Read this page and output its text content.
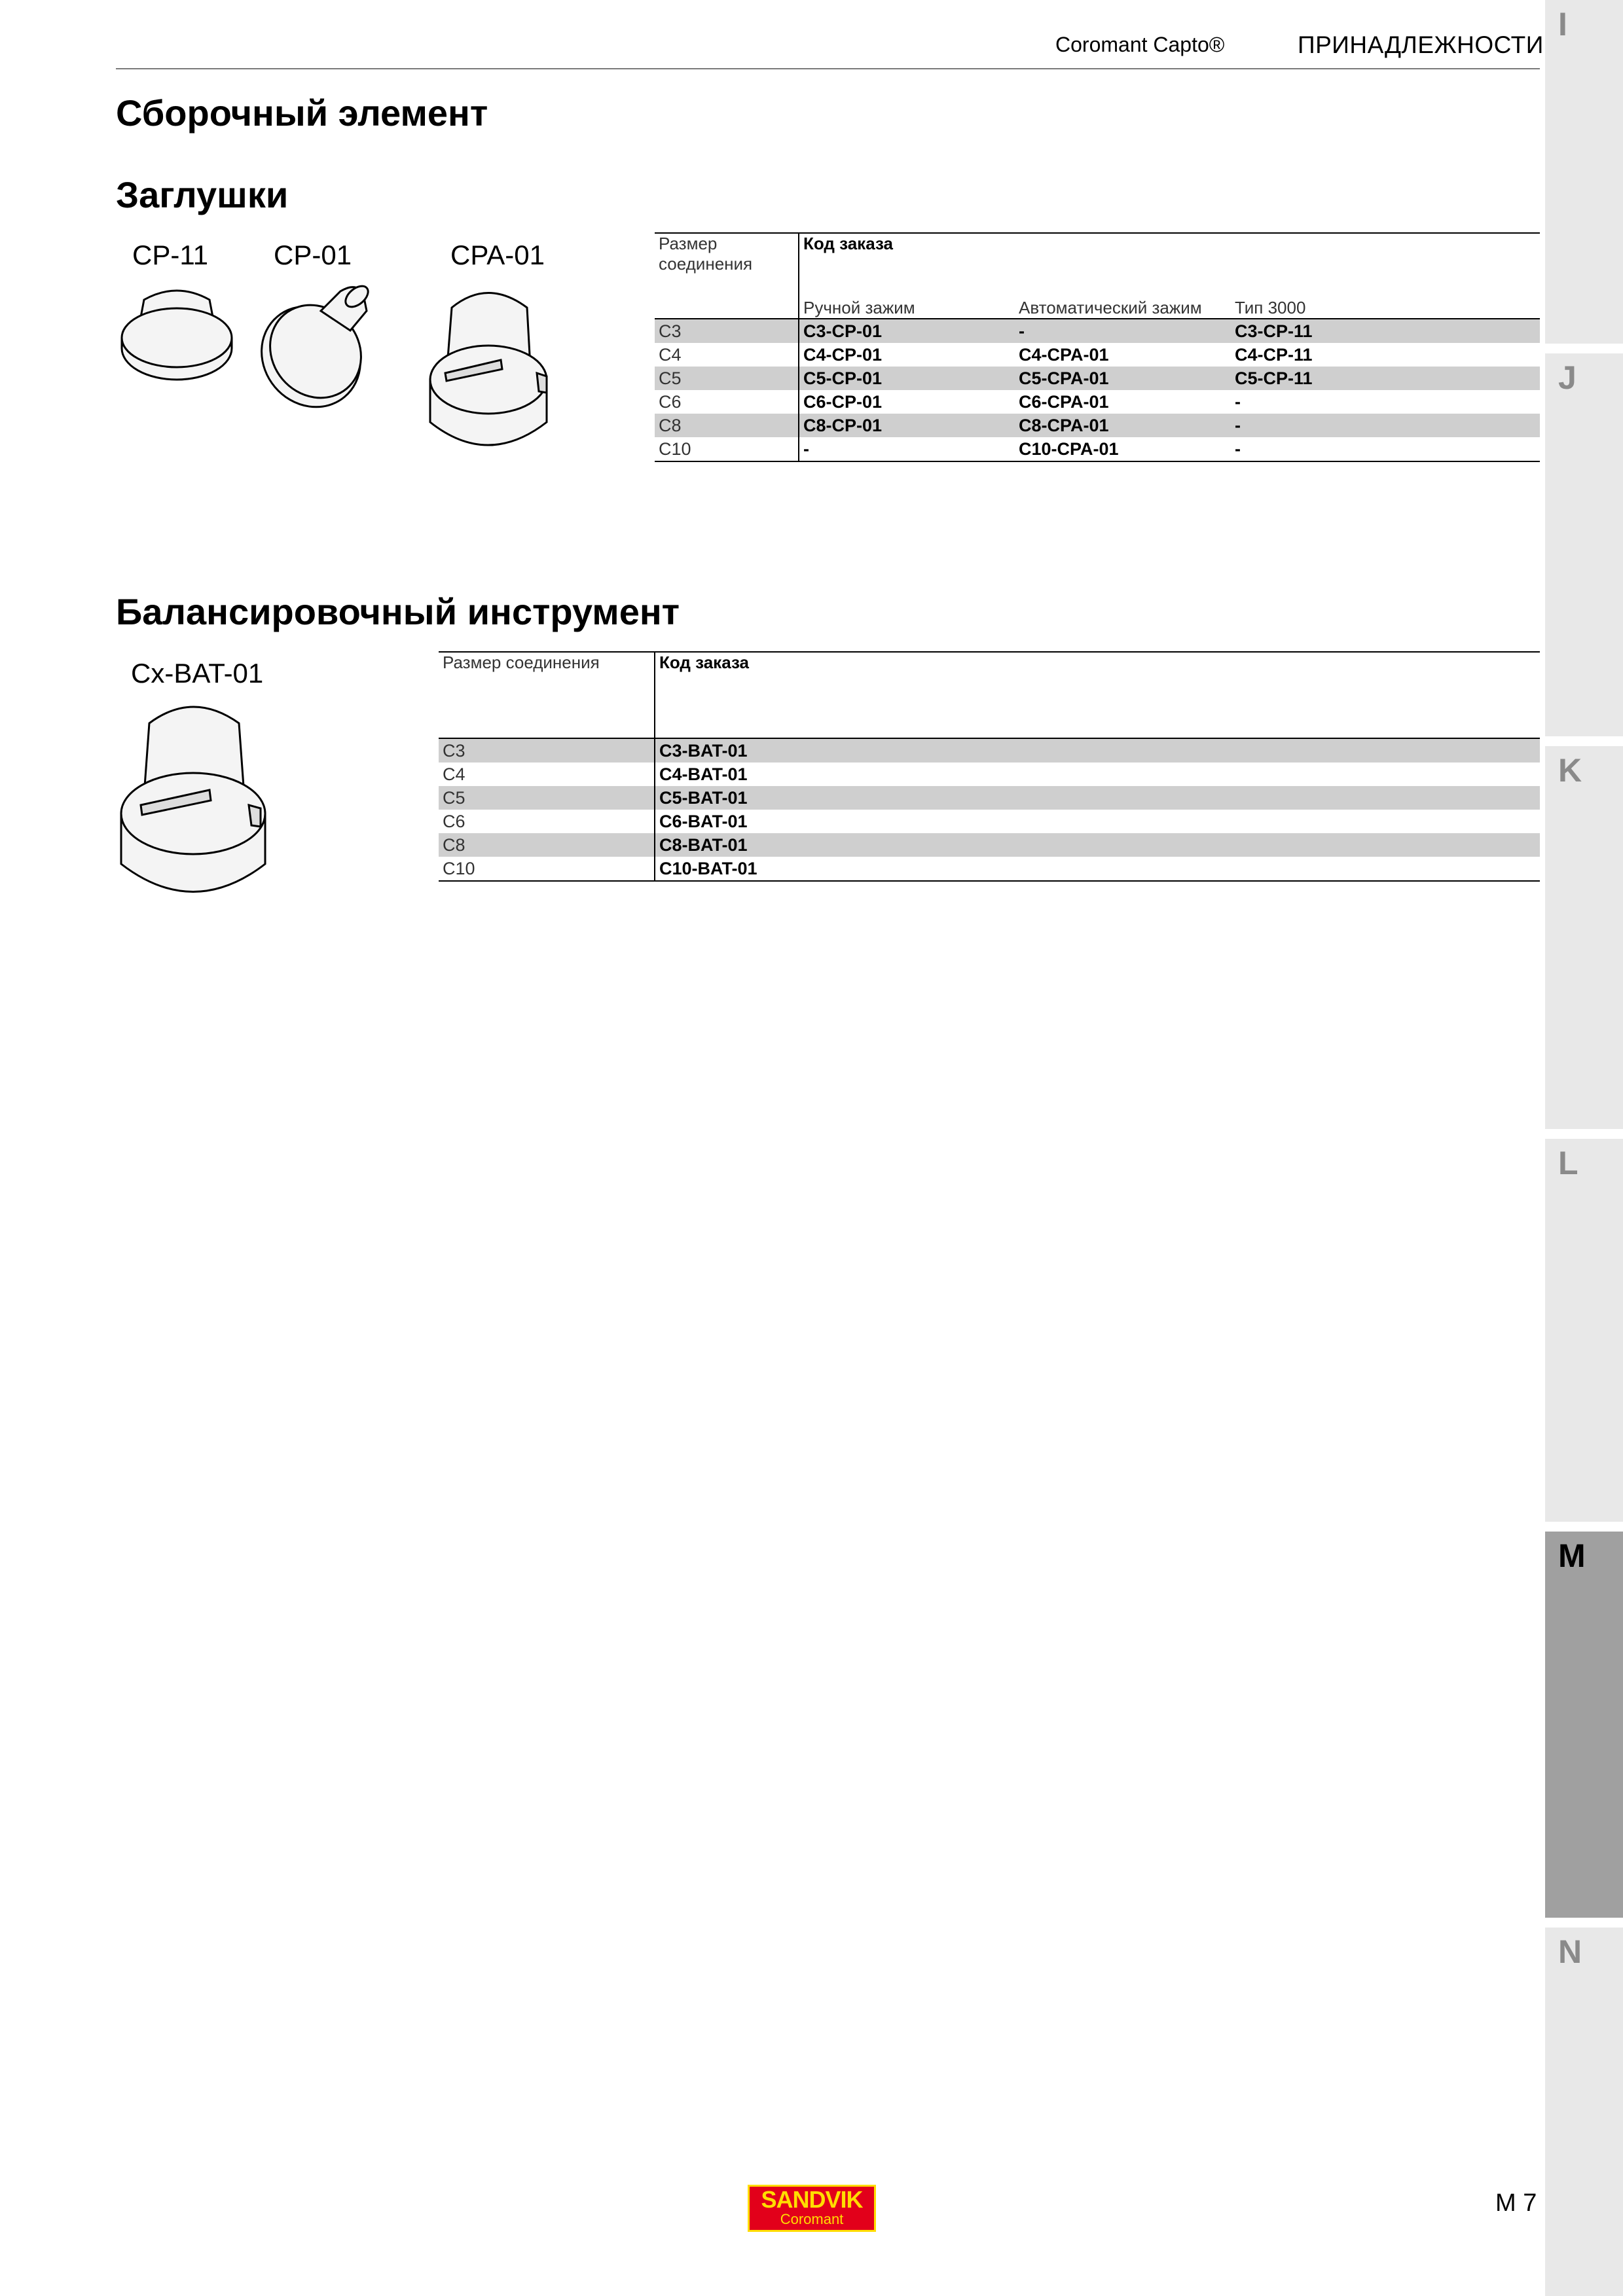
Coromant Capto®	ПРИНАДЛЕЖНОСТИ
Сборочный элемент
Заглушки
Балансировочный инструмент
CP-11 CP-01	CPA-01	Размер соединения	Код заказа		
	Ручной зажим	Автоматический зажим	Тип 3000
C3	C3-CP-01	-	C3-CP-11
C4	C4-CP-01	C4-CPA-01	C4-CP-11
C5	C5-CP-01	C5-CPA-01	C5-CP-11
C6	C6-CP-01	C6-CPA-01	-
C8	C8-CP-01	C8-CPA-01	-
C10	-	C10-CPA-01	-
Cx-BAT-01	Размер соединения	Код заказа
C3	C3-BAT-01
C4	C4-BAT-01
C5	C5-BAT-01
C6	C6-BAT-01
C8	C8-BAT-01
C10	C10-BAT-01
I
J
K
L
M
N
SANDVIK
Coromant
M 7
